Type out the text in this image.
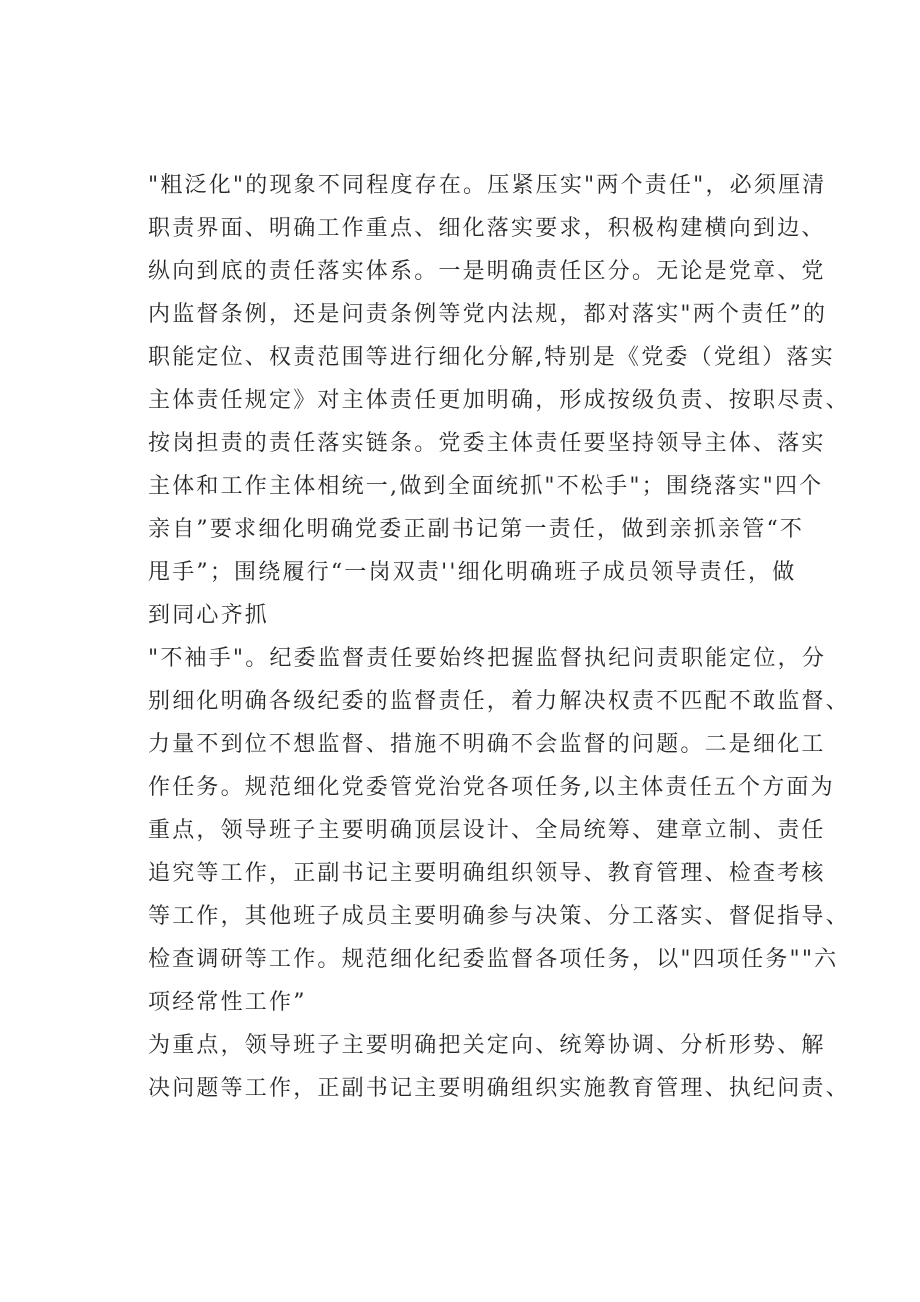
"粗泛化"的现象不同程度存在。压紧压实"两个责任"，必须厘清
职责界面、明确工作重点、细化落实要求，积极构建横向到边、
纵向到底的责任落实体系。一是明确责任区分。无论是党章、党
内监督条例，还是问责条例等党内法规，都对落实"两个责任”的
职能定位、权责范围等进行细化分解,特别是《党委（党组）落实
主体责任规定》对主体责任更加明确，形成按级负责、按职尽责、
按岗担责的责任落实链条。党委主体责任要坚持领导主体、落实
主体和工作主体相统一,做到全面统抓"不松手"；围绕落实"四个
亲自”要求细化明确党委正副书记第一责任，做到亲抓亲管“不
甩手”；围绕履行“一岗双责''细化明确班子成员领导责任，做
到同心齐抓
"不袖手"。纪委监督责任要始终把握监督执纪问责职能定位，分
别细化明确各级纪委的监督责任，着力解决权责不匹配不敢监督、
力量不到位不想监督、措施不明确不会监督的问题。二是细化工
作任务。规范细化党委管党治党各项任务,以主体责任五个方面为
重点，领导班子主要明确顶层设计、全局统筹、建章立制、责任
追究等工作，正副书记主要明确组织领导、教育管理、检查考核
等工作，其他班子成员主要明确参与决策、分工落实、督促指导、
检查调研等工作。规范细化纪委监督各项任务，以"四项任务""六
项经常性工作”
为重点，领导班子主要明确把关定向、统筹协调、分析形势、解
决问题等工作，正副书记主要明确组织实施教育管理、执纪问责、
